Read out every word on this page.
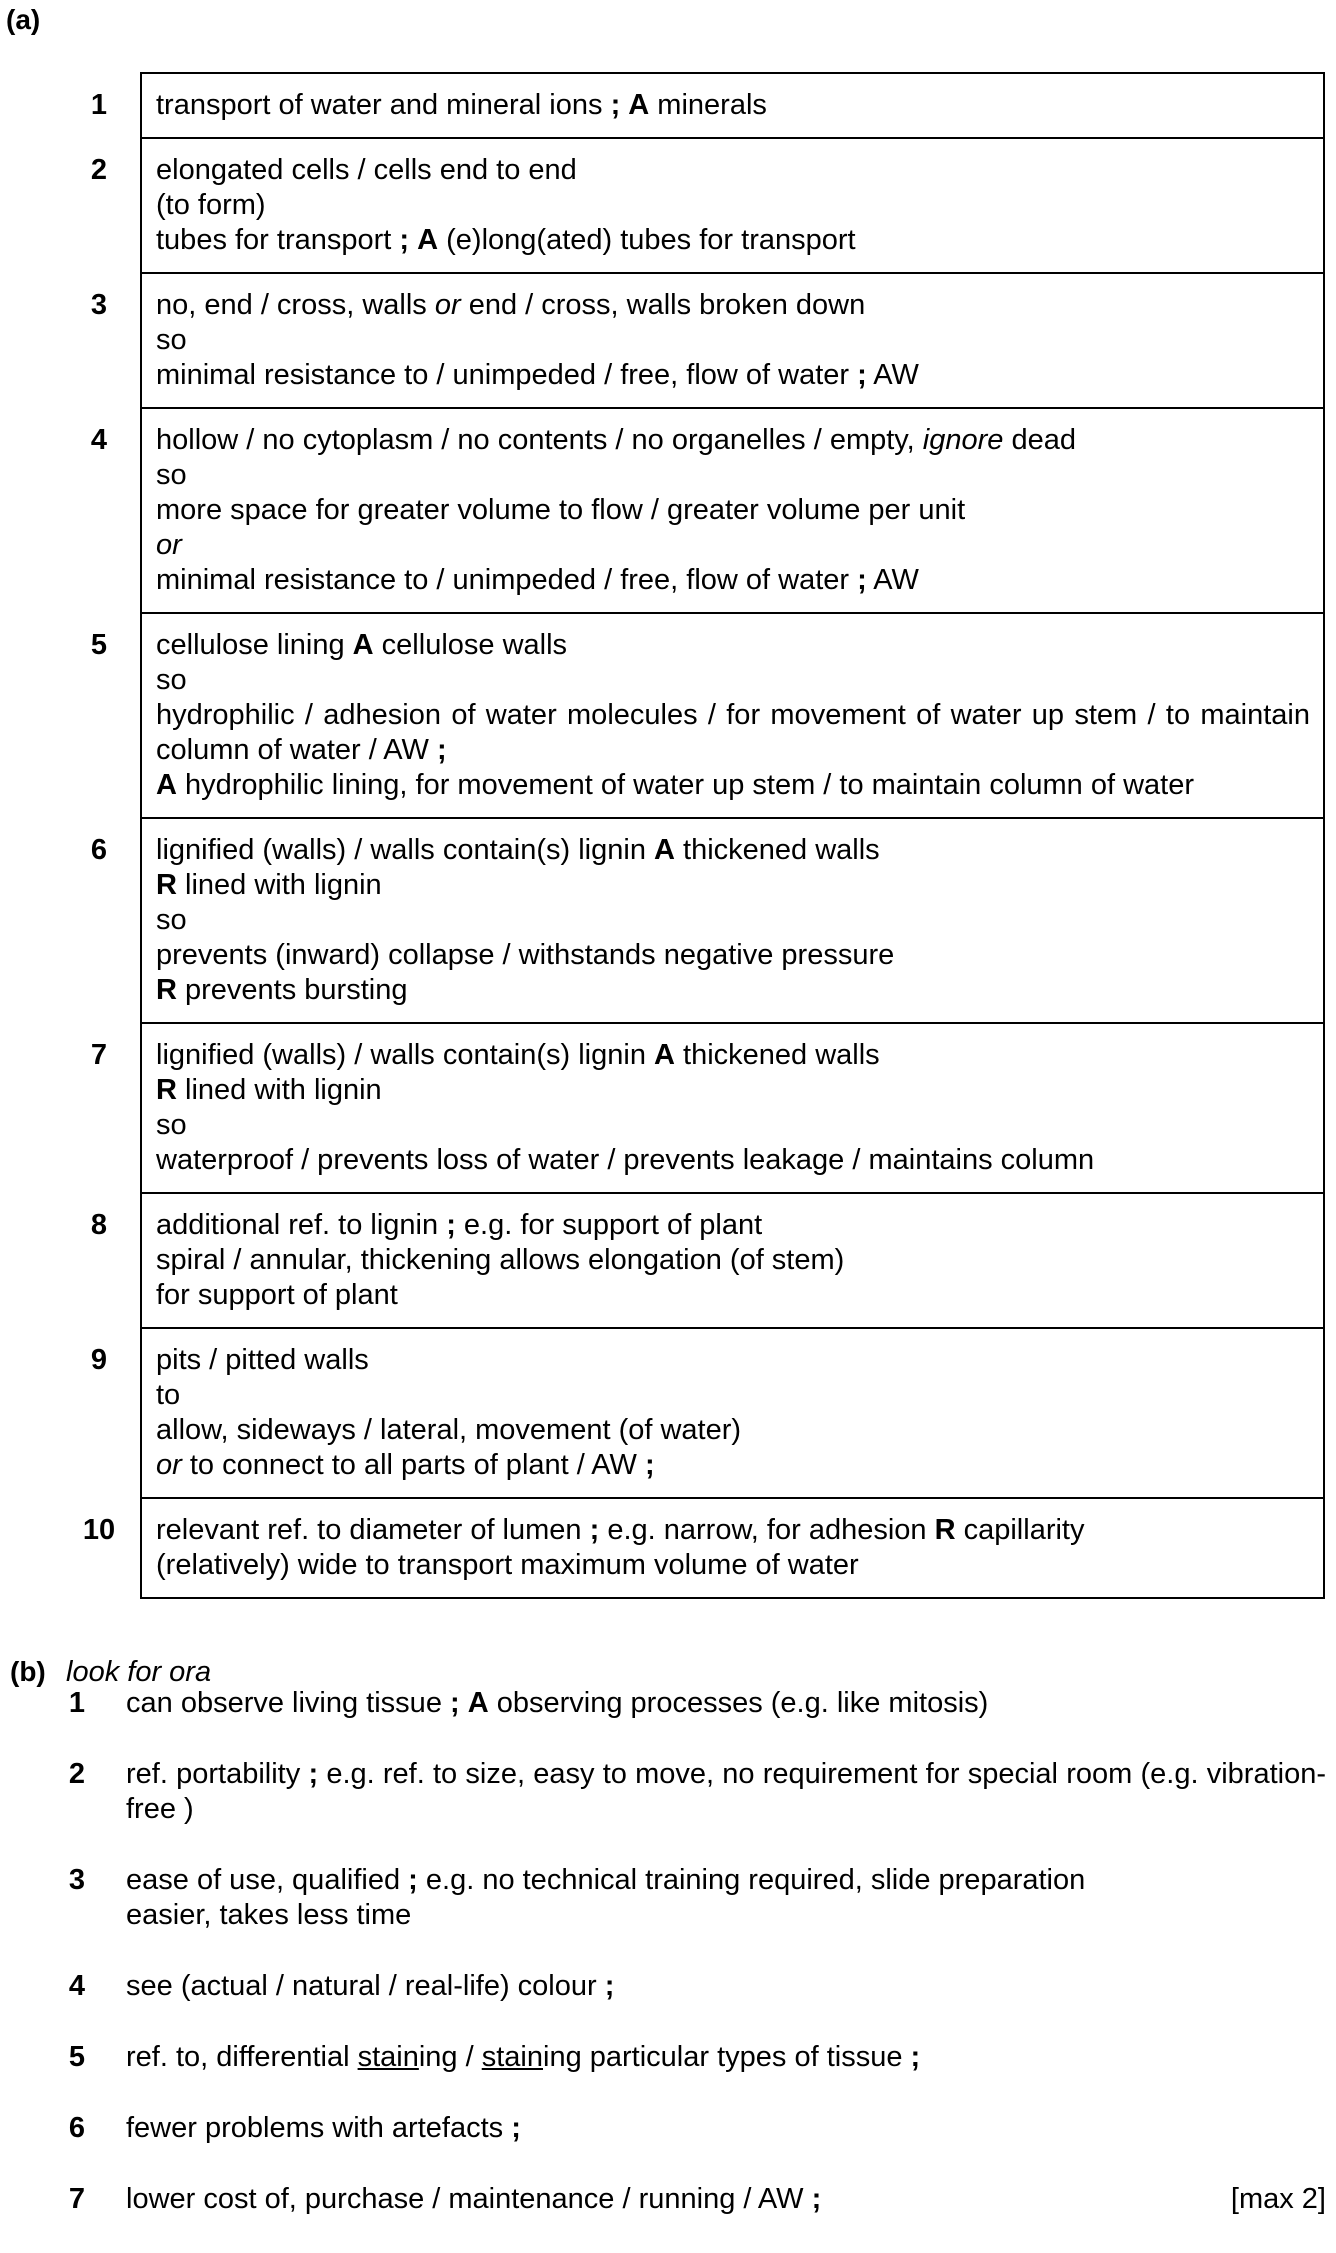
(a)
1	transport of water and mineral ions ; A minerals

2	elongated cells / cells end to end
(to form)
tubes for transport ; A (e)long(ated) tubes for transport

3	no, end / cross, walls or end / cross, walls broken down
so
minimal resistance to / unimpeded / free, flow of water ; AW

4	hollow / no cytoplasm / no contents / no organelles / empty, ignore dead
so
more space for greater volume to flow / greater volume per unit
or
minimal resistance to / unimpeded / free, flow of water ; AW

5	cellulose lining A cellulose walls
so
hydrophilic / adhesion of water molecules / for movement of water up stem / to maintain column of water / AW ;
A hydrophilic lining, for movement of water up stem / to maintain column of water

6	lignified (walls) / walls contain(s) lignin A thickened walls
R lined with lignin
so
prevents (inward) collapse / withstands negative pressure
R prevents bursting

7	lignified (walls) / walls contain(s) lignin A thickened walls
R lined with lignin
so
waterproof / prevents loss of water / prevents leakage / maintains column

8	additional ref. to lignin ; e.g. for support of plant
spiral / annular, thickening allows elongation (of stem)
for support of plant

9	pits / pitted walls
to
allow, sideways / lateral, movement (of water)
or to connect to all parts of plant / AW ;

10	relevant ref. to diameter of lumen ; e.g. narrow, for adhesion R capillarity
(relatively) wide to transport maximum volume of water
(b) look for ora
1 can observe living tissue ; A observing processes (e.g. like mitosis)
2 ref. portability ; e.g. ref. to size, easy to move, no requirement for special room (e.g. vibration-free )
3 ease of use, qualified ; e.g. no technical training required, slide preparation
easier, takes less time
4 see (actual / natural / real-life) colour ;
5 ref. to, differential staining / staining particular types of tissue ;
6 fewer problems with artefacts ;
7 lower cost of, purchase / maintenance / running / AW ;	[max 2]
